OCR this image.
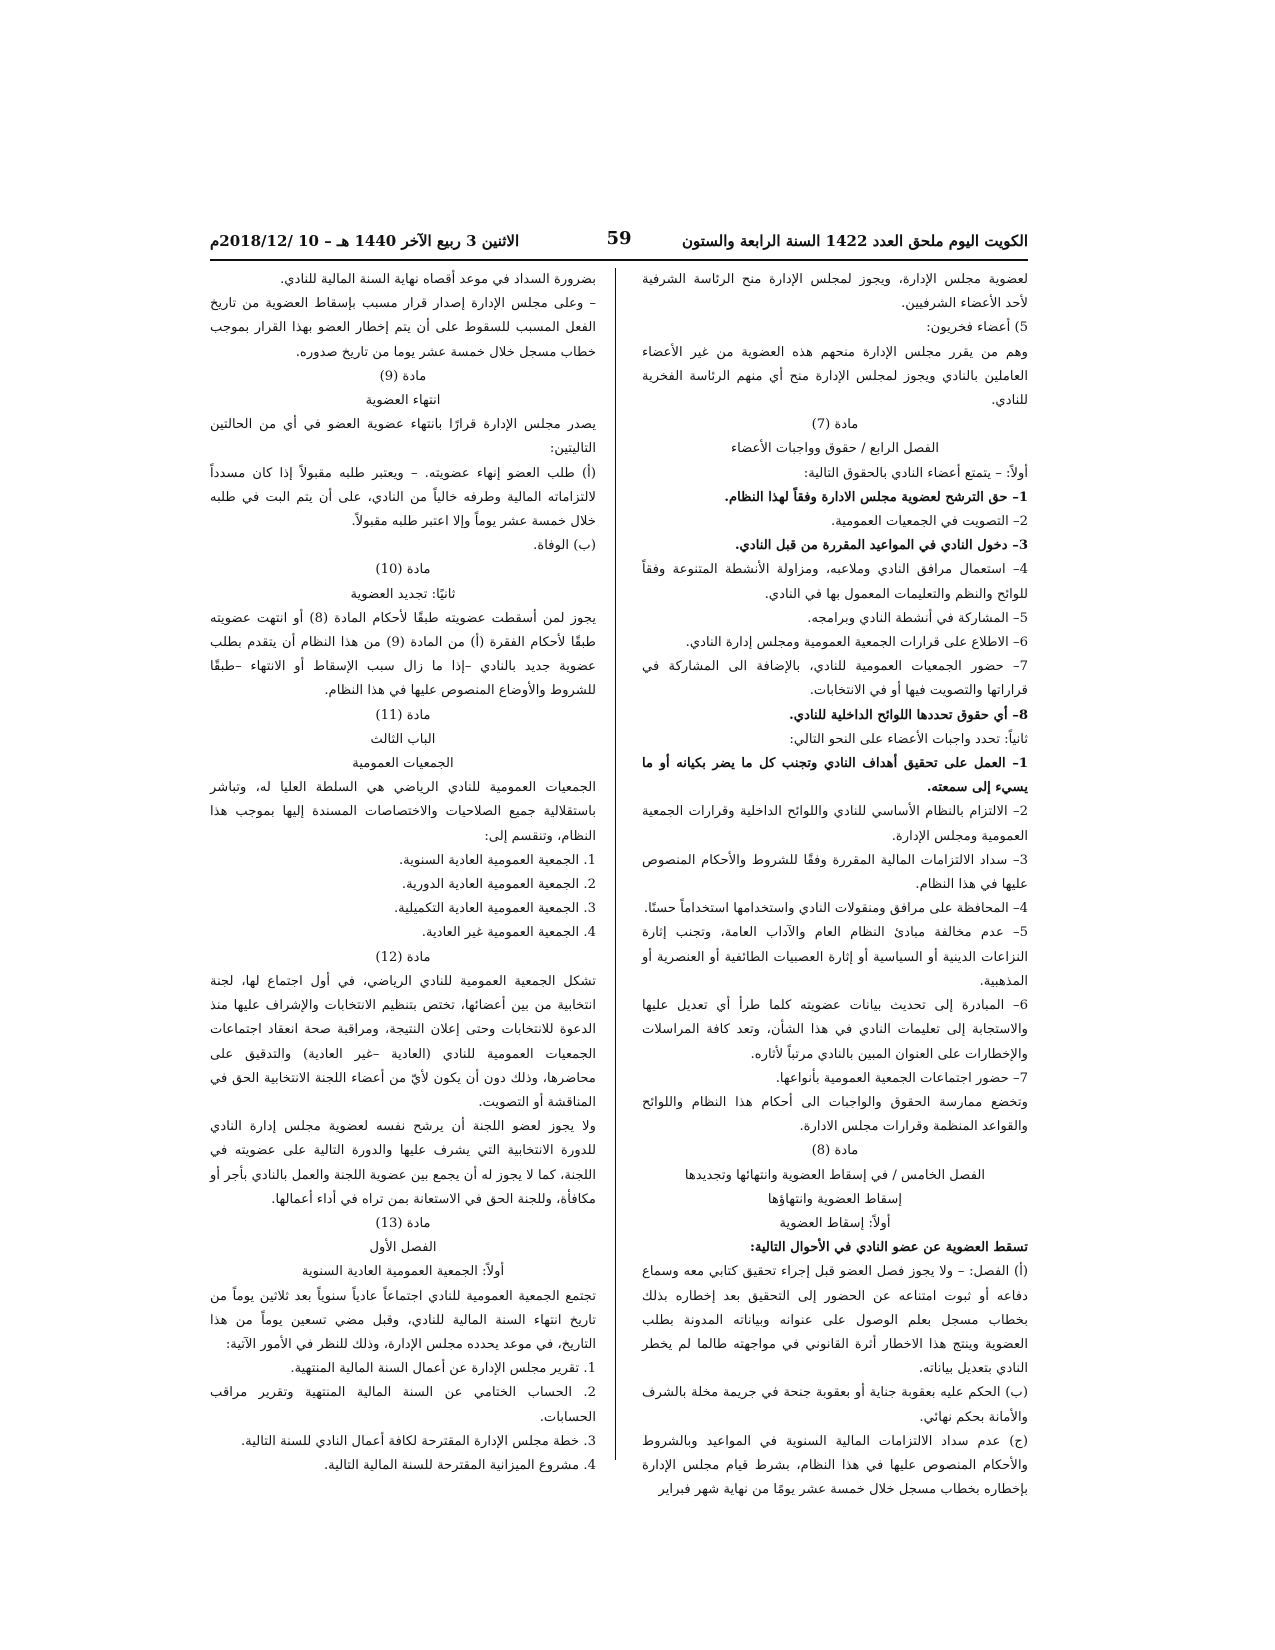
الكويت اليوم ملحق العدد 1422 السنة الرابعة والستون
59
الاثنين 3 ربيع الآخر 1440 هـ – 10 /2018/12م

لعضوية مجلس الإدارة، ويجوز لمجلس الإدارة منح الرئاسة الشرفية لأحد الأعضاء الشرفيين.

5) أعضاء فخريون:

وهم من يقرر مجلس الإدارة منحهم هذه العضوية من غير الأعضاء العاملين بالنادي ويجوز لمجلس الإدارة منح أي منهم الرئاسة الفخرية للنادي.

مادة (7)

الفصل الرابع / حقوق وواجبات الأعضاء

أولاً: – يتمتع أعضاء النادي بالحقوق التالية:

1– حق الترشح لعضوية مجلس الادارة وفقاً لهذا النظام.

2– التصويت في الجمعيات العمومية.

3– دخول النادي في المواعيد المقررة من قبل النادي.

4– استعمال مرافق النادي وملاعبه، ومزاولة الأنشطة المتنوعة وفقاً للوائح والنظم والتعليمات المعمول بها في النادي.

5– المشاركة في أنشطة النادي وبرامجه.

6– الاطلاع على قرارات الجمعية العمومية ومجلس إدارة النادي.

7– حضور الجمعيات العمومية للنادي، بالإضافة الى المشاركة في قراراتها والتصويت فيها أو في الانتخابات.

8– أي حقوق تحددها اللوائح الداخلية للنادي.

ثانياً: تحدد واجبات الأعضاء على النحو التالي:

1– العمل على تحقيق أهداف النادي وتجنب كل ما يضر بكيانه أو ما يسيء إلى سمعته.

2– الالتزام بالنظام الأساسي للنادي واللوائح الداخلية وقرارات الجمعية العمومية ومجلس الإدارة.

3– سداد الالتزامات المالية المقررة وفقًا للشروط والأحكام المنصوص عليها في هذا النظام.

4– المحافظة على مرافق ومنقولات النادي واستخدامها استخداماً حسنًا.

5– عدم مخالفة مبادئ النظام العام والآداب العامة، وتجنب إثارة النزاعات الدينية أو السياسية أو إثارة العصبيات الطائفية أو العنصرية أو المذهبية.

6– المبادرة إلى تحديث بيانات عضويته كلما طرأ أي تعديل عليها والاستجابة إلى تعليمات النادي في هذا الشأن، وتعد كافة المراسلات والإخطارات على العنوان المبين بالنادي مرتباً لأثاره.

7– حضور اجتماعات الجمعية العمومية بأنواعها.

وتخضع ممارسة الحقوق والواجبات الى أحكام هذا النظام واللوائح والقواعد المنظمة وقرارات مجلس الادارة.

مادة (8)

الفصل الخامس / في إسقاط العضوية وانتهائها وتجديدها

إسقاط العضوية وانتهاؤها

أولاً: إسقاط العضوية

تسقط العضوية عن عضو النادي في الأحوال التالية:

(أ) الفصل: – ولا يجوز فصل العضو قبل إجراء تحقيق كتابي معه وسماع دفاعه أو ثبوت امتناعه عن الحضور إلى التحقيق بعد إخطاره بذلك بخطاب مسجل بعلم الوصول على عنوانه وبياناته المدونة بطلب العضوية وينتج هذا الاخطار أثرة القانوني في مواجهته طالما لم يخطر النادي بتعديل بياناته.

(ب) الحكم عليه بعقوبة جناية أو بعقوبة جنحة في جريمة مخلة بالشرف والأمانة بحكم نهائي.

(ج) عدم سداد الالتزامات المالية السنوية في المواعيد وبالشروط والأحكام المنصوص عليها في هذا النظام، بشرط قيام مجلس الإدارة بإخطاره بخطاب مسجل خلال خمسة عشر يومًا من نهاية شهر فبراير

بضرورة السداد في موعد أقصاه نهاية السنة المالية للنادي.

– وعلى مجلس الإدارة إصدار قرار مسبب بإسقاط العضوية من تاريخ الفعل المسبب للسقوط على أن يتم إخطار العضو بهذا القرار بموجب خطاب مسجل خلال خمسة عشر يوما من تاريخ صدوره.

مادة (9)

انتهاء العضوية

يصدر مجلس الإدارة قرارًا بانتهاء عضوية العضو في أي من الحالتين التاليتين:

(أ) طلب العضو إنهاء عضويته. – ويعتبر طلبه مقبولاً إذا كان مسدداً لالتزاماته المالية وطرفه خالياً من النادي، على أن يتم البت في طلبه خلال خمسة عشر يوماً وإلا اعتبر طلبه مقبولاً.

(ب) الوفاة.

مادة (10)

ثانيًا: تجديد العضوية

يجوز لمن أسقطت عضويته طبقًا لأحكام المادة (8) أو انتهت عضويته طبقًا لأحكام الفقرة (أ) من المادة (9) من هذا النظام أن يتقدم بطلب عضوية جديد بالنادي –إذا ما زال سبب الإسقاط أو الانتهاء –طبقًا للشروط والأوضاع المنصوص عليها في هذا النظام.

مادة (11)

الباب الثالث

الجمعيات العمومية

الجمعيات العمومية للنادي الرياضي هي السلطة العليا له، وتباشر باستقلالية جميع الصلاحيات والاختصاصات المسندة إليها بموجب هذا النظام، وتنقسم إلى:

1. الجمعية العمومية العادية السنوية.

2. الجمعية العمومية العادية الدورية.

3. الجمعية العمومية العادية التكميلية.

4. الجمعية العمومية غير العادية.

مادة (12)

تشكل الجمعية العمومية للنادي الرياضي، في أول اجتماع لها، لجنة انتخابية من بين أعضائها، تختص بتنظيم الانتخابات والإشراف عليها منذ الدعوة للانتخابات وحتى إعلان النتيجة، ومراقبة صحة انعقاد اجتماعات الجمعيات العمومية للنادي (العادية –غير العادية) والتدقيق على محاضرها، وذلك دون أن يكون لأيّ من أعضاء اللجنة الانتخابية الحق في المناقشة أو التصويت.

ولا يجوز لعضو اللجنة أن يرشح نفسه لعضوية مجلس إدارة النادي للدورة الانتخابية التي يشرف عليها والدورة التالية على عضويته في اللجنة، كما لا يجوز له أن يجمع بين عضوية اللجنة والعمل بالنادي بأجر أو مكافأة، وللجنة الحق في الاستعانة بمن تراه في أداء أعمالها.

مادة (13)

الفصل الأول

أولاً: الجمعية العمومية العادية السنوية

تجتمع الجمعية العمومية للنادي اجتماعاً عادياً سنوياً بعد ثلاثين يوماً من تاريخ انتهاء السنة المالية للنادي، وقبل مضي تسعين يوماً من هذا التاريخ، في موعد يحدده مجلس الإدارة، وذلك للنظر في الأمور الآتية:

1. تقرير مجلس الإدارة عن أعمال السنة المالية المنتهية.

2. الحساب الختامي عن السنة المالية المنتهية وتقرير مراقب الحسابات.

3. خطة مجلس الإدارة المقترحة لكافة أعمال النادي للسنة التالية.

4. مشروع الميزانية المقترحة للسنة المالية التالية.
